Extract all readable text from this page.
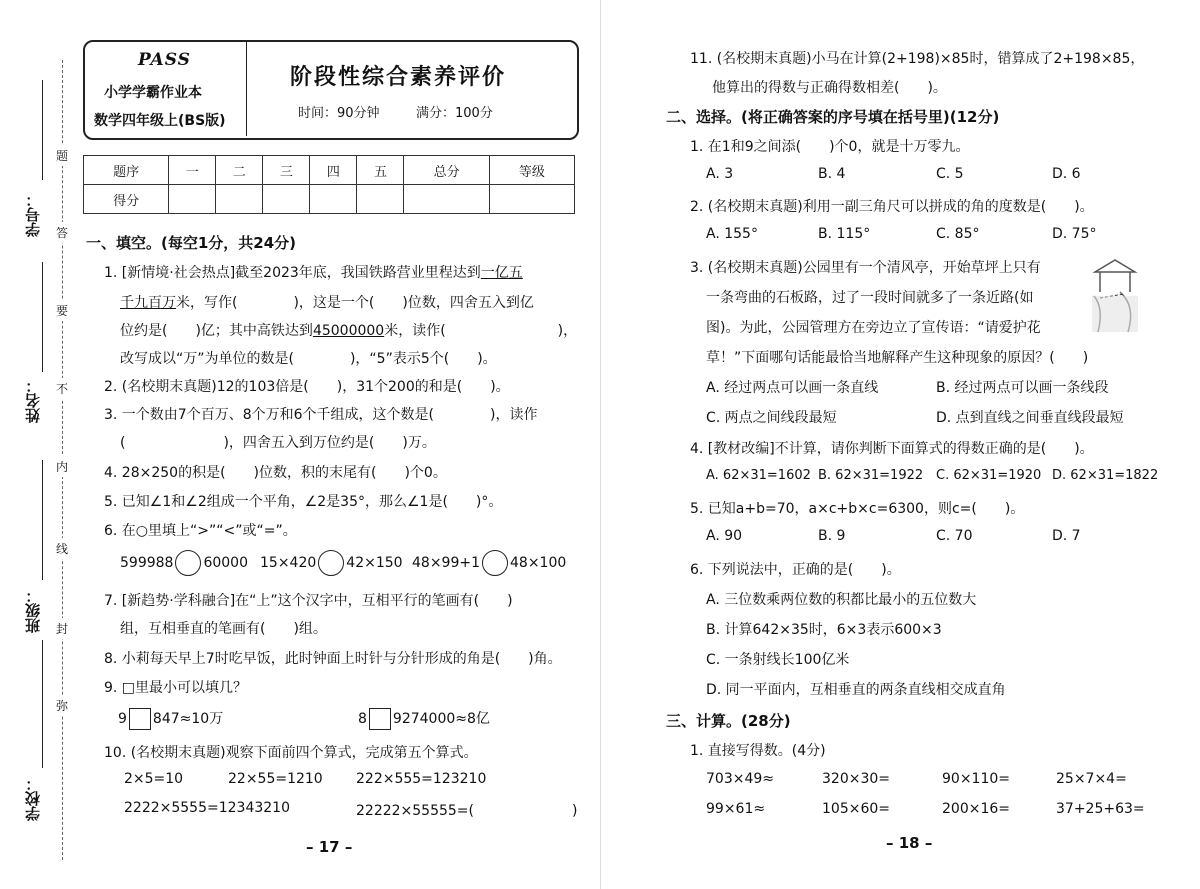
学号：
姓名：
班级：
学校：
题
答
要
不
内
线
封
弥
PASS
小学学霸作业本
数学四年级上(BS版)
阶段性综合素养评价
时间：90分钟	满分：100分
题序	一	二	三	四	五	总分	等级
得分							
一、填空。(每空1分，共24分)
1. [新情境·社会热点]截至2023年底，我国铁路营业里程达到一亿五
千九百万米，写作(　　　　)，这是一个(　　)位数，四舍五入到亿
位约是(　　)亿；其中高铁达到45000000米，读作(　　　　　　　　)，
改写成以“万”为单位的数是(　　　　)，“5”表示5个(　　)。
2. (名校期末真题)12的103倍是(　　)，31个200的和是(　　)。
3. 一个数由7个百万、8个万和6个千组成，这个数是(　　　　)，读作
(　　　　　　　)，四舍五入到万位约是(　　)万。
4. 28×250的积是(　　)位数，积的末尾有(　　)个0。
5. 已知∠1和∠2组成一个平角，∠2是35°，那么∠1是(　　)°。
6. 在○里填上“>”“<”或“=”。
599988 60000 15×420 42×150 48×99+1 48×100
7. [新趋势·学科融合]在“上”这个汉字中，互相平行的笔画有(　　)
组，互相垂直的笔画有(　　)组。
8. 小莉每天早上7时吃早饭，此时钟面上时针与分针形成的角是(　　)角。
9. □里最小可以填几？
9 847≈10万	8 9274000≈8亿
10. (名校期末真题)观察下面前四个算式，完成第五个算式。
2×5=10	22×55=1210 222×555=123210
2222×5555=12343210	22222×55555=(　　　　　　　)
– 17 –
11. (名校期末真题)小马在计算(2+198)×85时，错算成了2+198×85，
他算出的得数与正确得数相差(　　)。
二、选择。(将正确答案的序号填在括号里)(12分)
1. 在1和9之间添(　　)个0，就是十万零九。
A. 3	B. 4	C. 5	D. 6
2. (名校期末真题)利用一副三角尺可以拼成的角的度数是(　　)。
A. 155°	B. 115°	C. 85°	D. 75°
3. (名校期末真题)公园里有一个清风亭，开始草坪上只有
一条弯曲的石板路，过了一段时间就多了一条近路(如
图)。为此，公园管理方在旁边立了宣传语：“请爱护花
草！”下面哪句话能最恰当地解释产生这种现象的原因？(　　)
A. 经过两点可以画一条直线	B. 经过两点可以画一条线段
C. 两点之间线段最短	D. 点到直线之间垂直线段最短
4. [教材改编]不计算，请你判断下面算式的得数正确的是(　　)。
A. 62×31=1602 B. 62×31=1922 C. 62×31=1920 D. 62×31=1822
5. 已知a+b=70，a×c+b×c=6300，则c=(　　)。
A. 90	B. 9	C. 70	D. 7
6. 下列说法中，正确的是(　　)。
A. 三位数乘两位数的积都比最小的五位数大
B. 计算642×35时，6×3表示600×3
C. 一条射线长100亿米
D. 同一平面内，互相垂直的两条直线相交成直角
三、计算。(28分)
1. 直接写得数。(4分)
703×49≈	320×30=	90×110=	25×7×4=
99×61≈	105×60=	200×16=	37+25+63=
– 18 –
